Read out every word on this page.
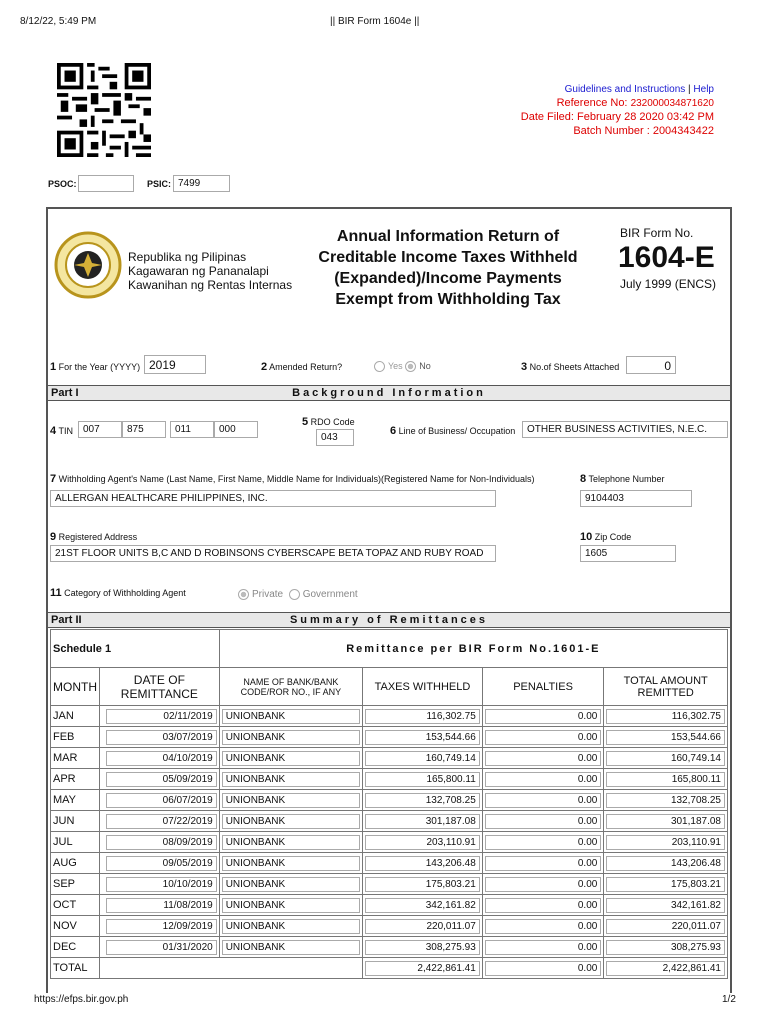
8/12/22, 5:49 PM	|| BIR Form 1604e ||
Guidelines and Instructions | Help
Reference No: 232000034871620
Date Filed: February 28 2020 03:42 PM
Batch Number : 2004343422
PSOC:	PSIC: 7499
Republika ng Pilipinas
Kagawaran ng Pananalapi
Kawanihan ng Rentas Internas
Annual Information Return of
Creditable Income Taxes Withheld
(Expanded)/Income Payments
Exempt from Withholding Tax
BIR Form No.
1604-E
July 1999 (ENCS)
1 For the Year (YYYY) 2019	2 Amended Return?	Yes No	3 No.of Sheets Attached	0
Part I	Background Information
4 TIN	007	875	011	000
5 RDO Code
043
6 Line of Business/ Occupation	OTHER BUSINESS ACTIVITIES, N.E.C.
7 Withholding Agent's Name (Last Name, First Name, Middle Name for Individuals)(Registered Name for Non-Individuals)
ALLERGAN HEALTHCARE PHILIPPINES, INC.
8 Telephone Number
9104403
9 Registered Address
21ST FLOOR UNITS B,C AND D ROBINSONS CYBERSCAPE BETA TOPAZ AND RUBY ROAD
10 Zip Code
1605
11 Category of Withholding Agent	Private Government
Part II	Summary of Remittances
Schedule 1		Remittance per BIR Form No.1601-E			
MONTH	DATE OF REMITTANCE	NAME OF BANK/BANK CODE/ROR NO., IF ANY	TAXES WITHHELD	PENALTIES	TOTAL AMOUNT REMITTED
JAN	02/11/2019	UNIONBANK	116,302.75	0.00	116,302.75

FEB	03/07/2019	UNIONBANK	153,544.66	0.00	153,544.66

MAR	04/10/2019	UNIONBANK	160,749.14	0.00	160,749.14

APR	05/09/2019	UNIONBANK	165,800.11	0.00	165,800.11

MAY	06/07/2019	UNIONBANK	132,708.25	0.00	132,708.25

JUN	07/22/2019	UNIONBANK	301,187.08	0.00	301,187.08

JUL	08/09/2019	UNIONBANK	203,110.91	0.00	203,110.91

AUG	09/05/2019	UNIONBANK	143,206.48	0.00	143,206.48

SEP	10/10/2019	UNIONBANK	175,803.21	0.00	175,803.21

OCT	11/08/2019	UNIONBANK	342,161.82	0.00	342,161.82

NOV	12/09/2019	UNIONBANK	220,011.07	0.00	220,011.07

DEC	01/31/2020	UNIONBANK	308,275.93	0.00	308,275.93

TOTAL			2,422,861.41	0.00	2,422,861.41
https://efps.bir.gov.ph	1/2
